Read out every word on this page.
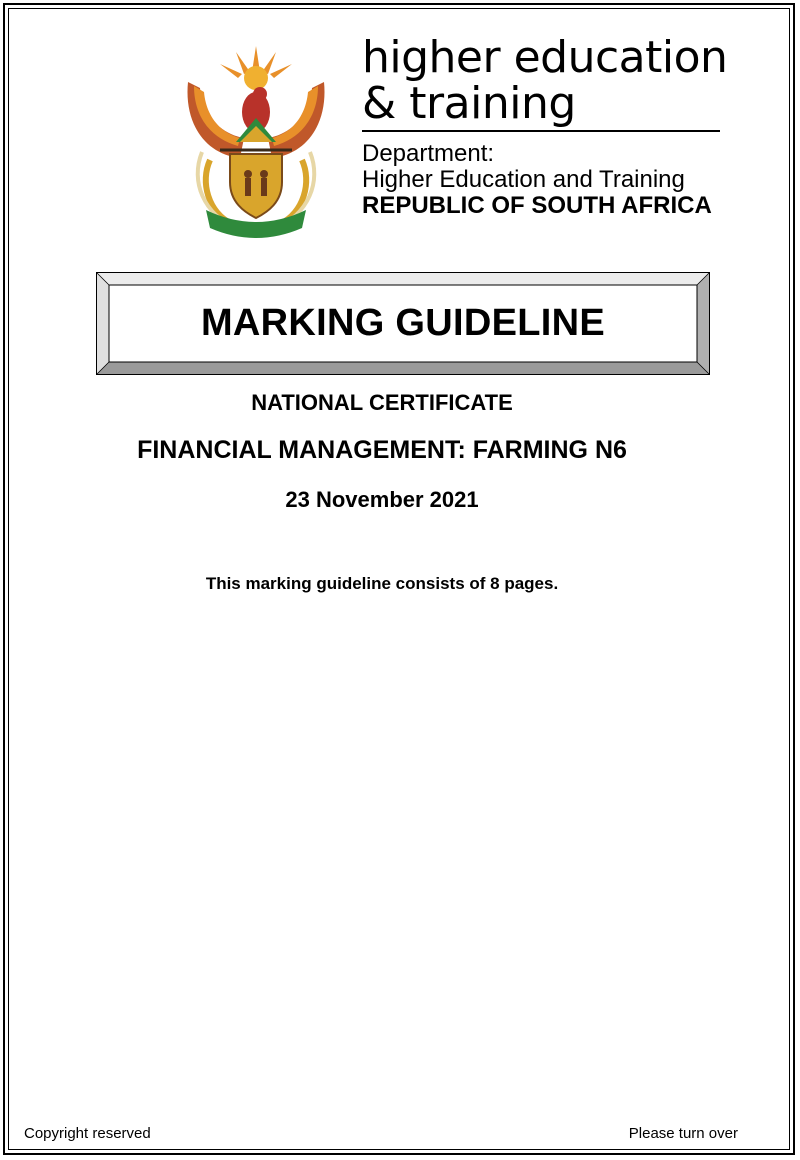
higher education
& training
Department:
Higher Education and Training
REPUBLIC OF SOUTH AFRICA
MARKING GUIDELINE
NATIONAL CERTIFICATE
FINANCIAL MANAGEMENT: FARMING N6
23 November 2021
This marking guideline consists of 8 pages.
Copyright reserved	Please turn over
